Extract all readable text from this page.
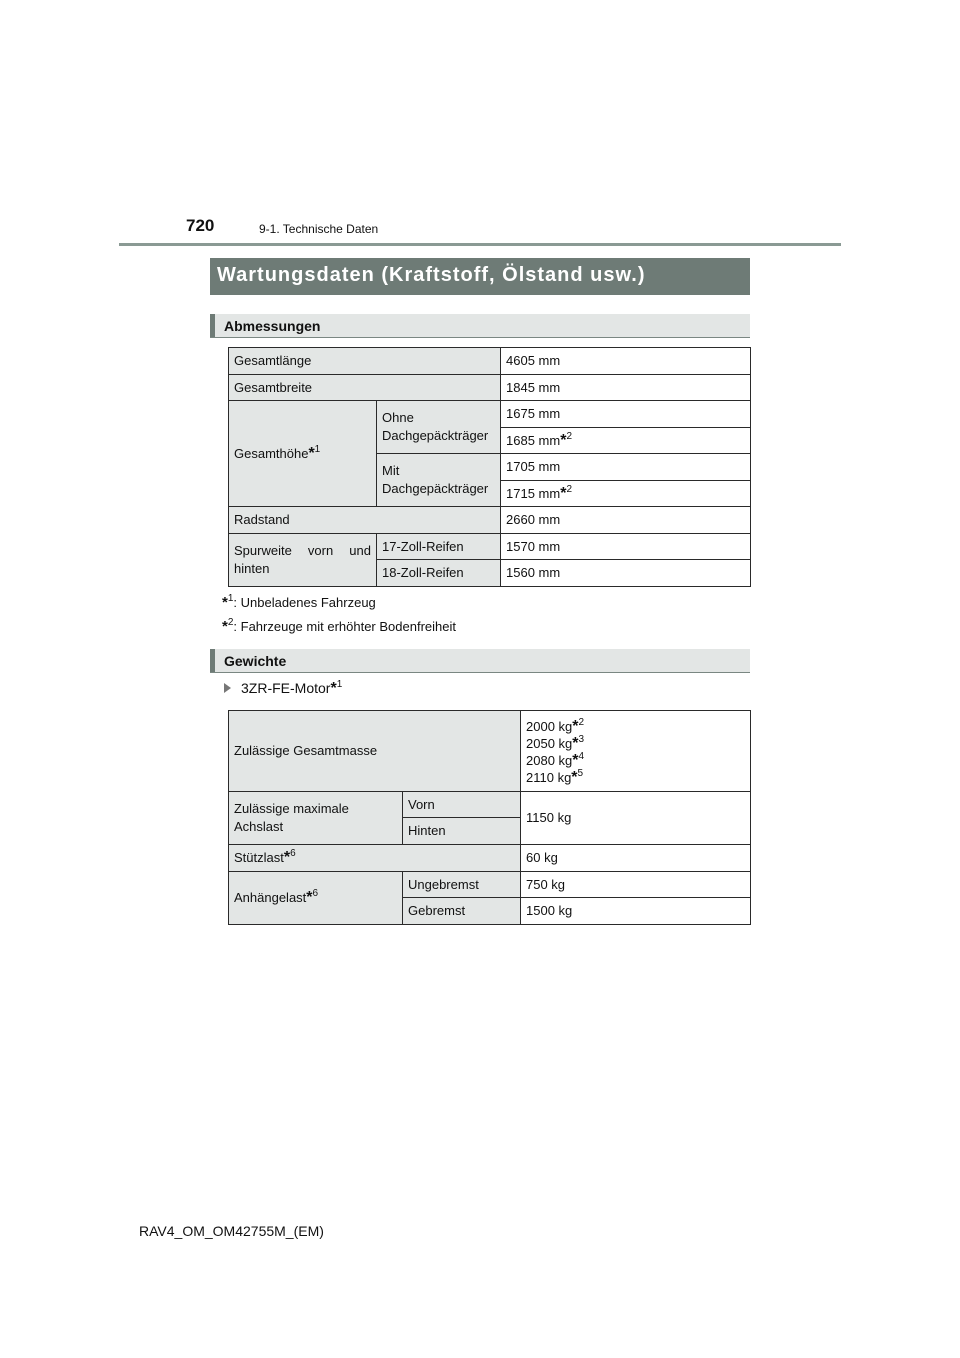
720	9-1. Technische Daten
Wartungsdaten (Kraftstoff, Ölstand usw.)
Abmessungen
Gesamtlänge		4605 mm
Gesamtbreite		1845 mm
Gesamthöhe*$^1$	Ohne Dachgepäckträger	1675 mm
		1685 mm*$^2$
	Mit Dachgepäckträger	1705 mm
		1715 mm*$^2$
Radstand		2660 mm
Spurweite vorn und hinten	17-Zoll-Reifen	1570 mm
	18-Zoll-Reifen	1560 mm
*$^1$: Unbeladenes Fahrzeug
*$^2$: Fahrzeuge mit erhöhter Bodenfreiheit
Gewichte
3ZR-FE-Motor*$^1$
Zulässige Gesamtmasse		2000 kg*$^2$
2050 kg*$^3$
2080 kg*$^4$
2110 kg*$^5$

Zulässige maximale Achslast	Vorn	1150 kg
	Hinten	
Stützlast*$^6$		60 kg
Anhängelast*$^6$	Ungebremst	750 kg
	Gebremst	1500 kg
RAV4_OM_OM42755M_(EM)
